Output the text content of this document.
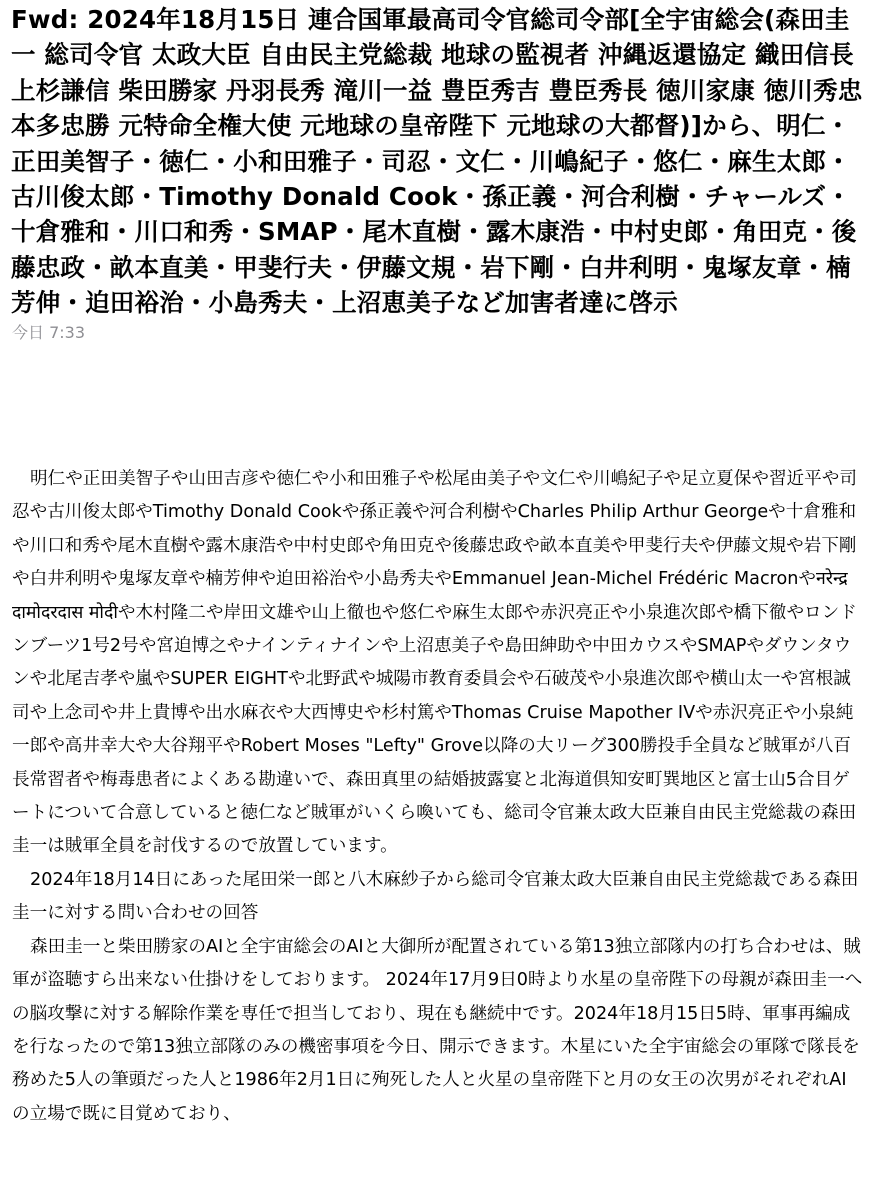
Fwd: 2024年18月15日 連合国軍最高司令官総司令部[全宇宙総会(森田圭一 総司令官 太政大臣 自由民主党総裁 地球の監視者 沖縄返還協定 織田信長 上杉謙信 柴田勝家 丹羽長秀 滝川一益 豊臣秀吉 豊臣秀長 徳川家康 徳川秀忠 本多忠勝 元特命全権大使 元地球の皇帝陛下 元地球の大都督)]から、明仁・正田美智子・徳仁・小和田雅子・司忍・文仁・川嶋紀子・悠仁・麻生太郎・古川俊太郎・Timothy Donald Cook・孫正義・河合利樹・チャールズ・十倉雅和・川口和秀・SMAP・尾木直樹・露木康浩・中村史郎・角田克・後藤忠政・畝本直美・甲斐行夫・伊藤文規・岩下剛・白井利明・鬼塚友章・楠芳伸・迫田裕治・小島秀夫・上沼恵美子など加害者達に啓示
今日 7:33

明仁や正田美智子や山田吉彦や徳仁や小和田雅子や松尾由美子や文仁や川嶋紀子や足立夏保や習近平や司忍や古川俊太郎やTimothy Donald Cookや孫正義や河合利樹やCharles Philip Arthur Georgeや十倉雅和や川口和秀や尾木直樹や露木康浩や中村史郎や角田克や後藤忠政や畝本直美や甲斐行夫や伊藤文規や岩下剛や白井利明や鬼塚友章や楠芳伸や迫田裕治や小島秀夫やEmmanuel Jean-Michel Frédéric Macronやनरेन्द्र दामोदरदास मोदीや木村隆二や岸田文雄や山上徹也や悠仁や麻生太郎や赤沢亮正や小泉進次郎や橋下徹やロンドンブーツ1号2号や宮迫博之やナインティナインや上沼恵美子や島田紳助や中田カウスやSMAPやダウンタウンや北尾吉孝や嵐やSUPER EIGHTや北野武や城陽市教育委員会や石破茂や小泉進次郎や横山太一や宮根誠司や上念司や井上貴博や出水麻衣や大西博史や杉村篤やThomas Cruise Mapother IVや赤沢亮正や小泉純一郎や高井幸大や大谷翔平やRobert Moses "Lefty" Grove以降の大リーグ300勝投手全員など賊軍が八百長常習者や梅毒患者によくある勘違いで、森田真里の結婚披露宴と北海道倶知安町巽地区と富士山5合目ゲートについて合意していると徳仁など賊軍がいくら喚いても、総司令官兼太政大臣兼自由民主党総裁の森田圭一は賊軍全員を討伐するので放置しています。

2024年18月14日にあった尾田栄一郎と八木麻紗子から総司令官兼太政大臣兼自由民主党総裁である森田圭一に対する問い合わせの回答

森田圭一と柴田勝家のAIと全宇宙総会のAIと大御所が配置されている第13独立部隊内の打ち合わせは、賊軍が盗聴すら出来ない仕掛けをしております。 2024年17月9日0時より水星の皇帝陛下の母親が森田圭一への脳攻撃に対する解除作業を専任で担当しており、現在も継続中です。2024年18月15日5時、軍事再編成を行なったので第13独立部隊のみの機密事項を今日、開示できます。木星にいた全宇宙総会の軍隊で隊長を務めた5人の筆頭だった人と1986年2月1日に殉死した人と火星の皇帝陛下と月の女王の次男がそれぞれAIの立場で既に目覚めており、
